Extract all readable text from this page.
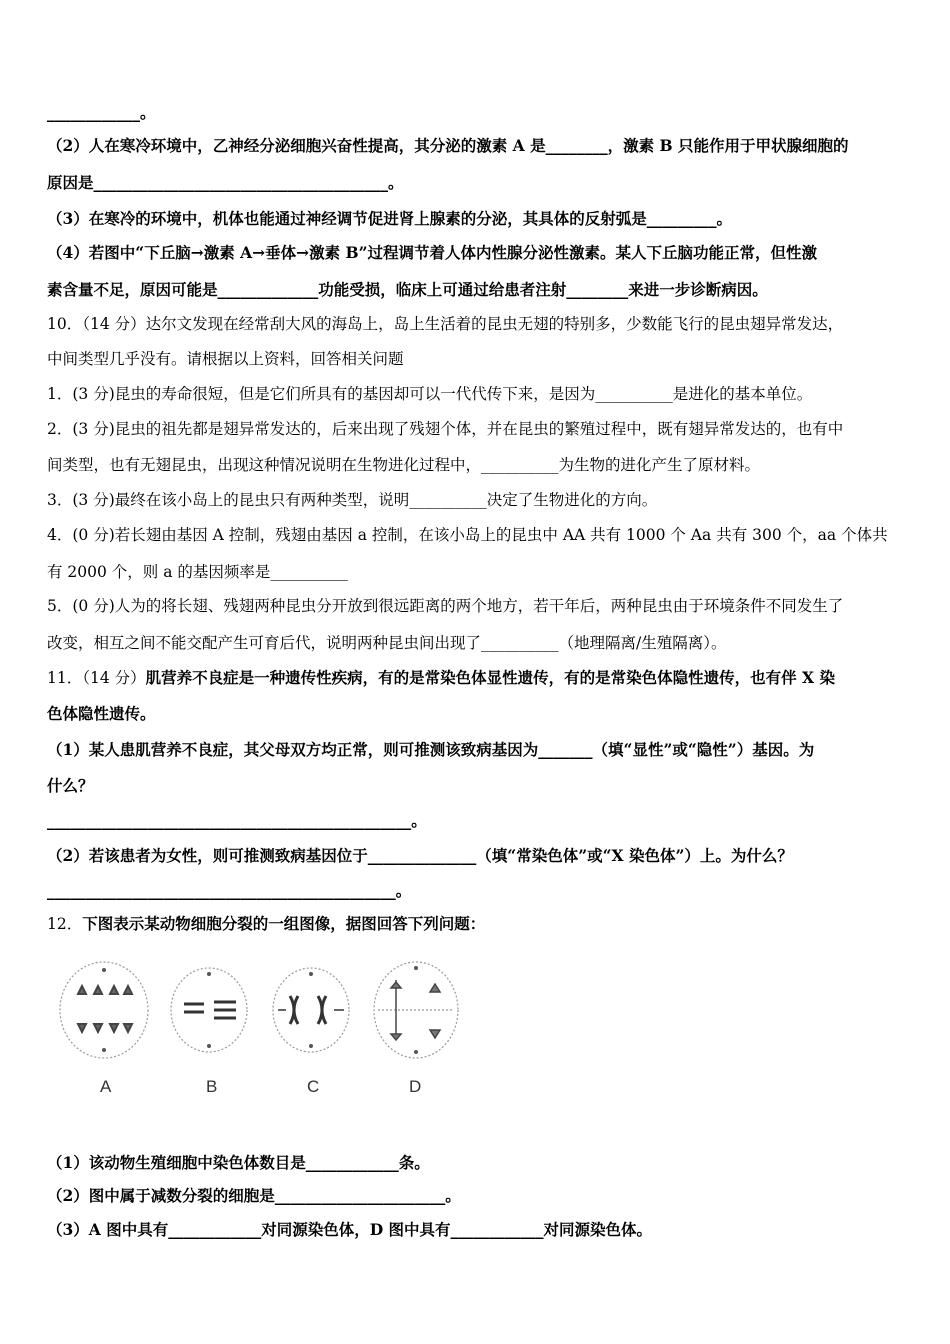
____________。
（2）人在寒冷环境中，乙神经分泌细胞兴奋性提高，其分泌的激素 A 是________，激素 B 只能作用于甲状腺细胞的
原因是______________________________________。
（3）在寒冷的环境中，机体也能通过神经调节促进肾上腺素的分泌，其具体的反射弧是_________。
（4）若图中“下丘脑→激素 A→垂体→激素 B”过程调节着人体内性腺分泌性激素。某人下丘脑功能正常，但性激
素含量不足，原因可能是_____________功能受损，临床上可通过给患者注射________来进一步诊断病因。
10．（14 分）达尔文发现在经常刮大风的海岛上，岛上生活着的昆虫无翅的特别多，少数能飞行的昆虫翅异常发达，
中间类型几乎没有。请根据以上资料，回答相关问题
1．(3 分)昆虫的寿命很短，但是它们所具有的基因却可以一代代传下来，是因为__________是进化的基本单位。
2．(3 分)昆虫的祖先都是翅异常发达的，后来出现了残翅个体，并在昆虫的繁殖过程中，既有翅异常发达的，也有中
间类型，也有无翅昆虫，出现这种情况说明在生物进化过程中，__________为生物的进化产生了原材料。
3．(3 分)最终在该小岛上的昆虫只有两种类型，说明__________决定了生物进化的方向。
4．(0 分)若长翅由基因 A 控制，残翅由基因 a 控制，在该小岛上的昆虫中 AA 共有 1000 个 Aa 共有 300 个，aa 个体共
有 2000 个，则 a 的基因频率是__________
5．(0 分)人为的将长翅、残翅两种昆虫分开放到很远距离的两个地方，若干年后，两种昆虫由于环境条件不同发生了
改变，相互之间不能交配产生可育后代，说明两种昆虫间出现了__________（地理隔离/生殖隔离）。
11．（14 分）肌营养不良症是一种遗传性疾病，有的是常染色体显性遗传，有的是常染色体隐性遗传，也有伴 X 染
色体隐性遗传。
（1）某人患肌营养不良症，其父母双方均正常，则可推测该致病基因为_______（填“显性”或“隐性”）基因。为
什么？
_______________________________________________。
（2）若该患者为女性，则可推测致病基因位于______________（填“常染色体”或“X 染色体”）上。为什么？
_____________________________________________。
12．下图表示某动物细胞分裂的一组图像，据图回答下列问题：
A	B	C	D
（1）该动物生殖细胞中染色体数目是____________条。
（2）图中属于减数分裂的细胞是______________________。
（3）A 图中具有____________对同源染色体，D 图中具有____________对同源染色体。
